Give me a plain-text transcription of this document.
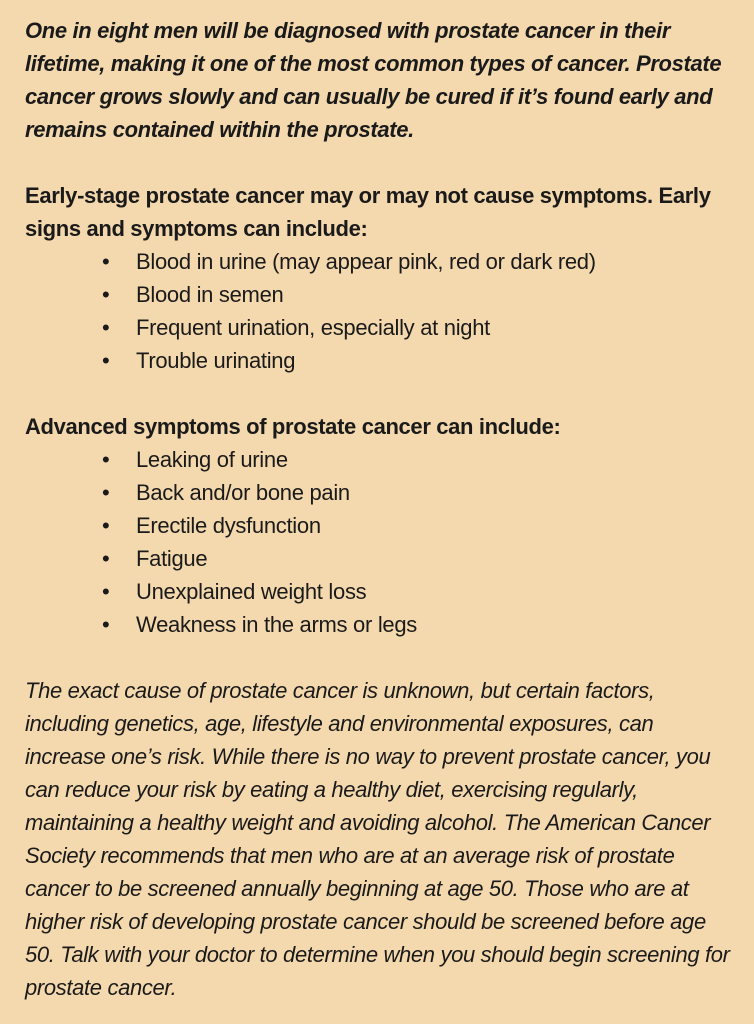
One in eight men will be diagnosed with prostate cancer in their lifetime, making it one of the most common types of cancer. Prostate cancer grows slowly and can usually be cured if it’s found early and remains contained within the prostate.

Early-stage prostate cancer may or may not cause symptoms. Early signs and symptoms can include:

• Blood in urine (may appear pink, red or dark red)
• Blood in semen
• Frequent urination, especially at night
• Trouble urinating

Advanced symptoms of prostate cancer can include:

• Leaking of urine
• Back and/or bone pain
• Erectile dysfunction
• Fatigue
• Unexplained weight loss
• Weakness in the arms or legs

The exact cause of prostate cancer is unknown, but certain factors, including genetics, age, lifestyle and environmental exposures, can increase one’s risk. While there is no way to prevent prostate cancer, you can reduce your risk by eating a healthy diet, exercising regularly, maintaining a healthy weight and avoiding alcohol. The American Cancer Society recommends that men who are at an average risk of prostate cancer to be screened annually beginning at age 50. Those who are at higher risk of developing prostate cancer should be screened before age 50. Talk with your doctor to determine when you should begin screening for prostate cancer.
